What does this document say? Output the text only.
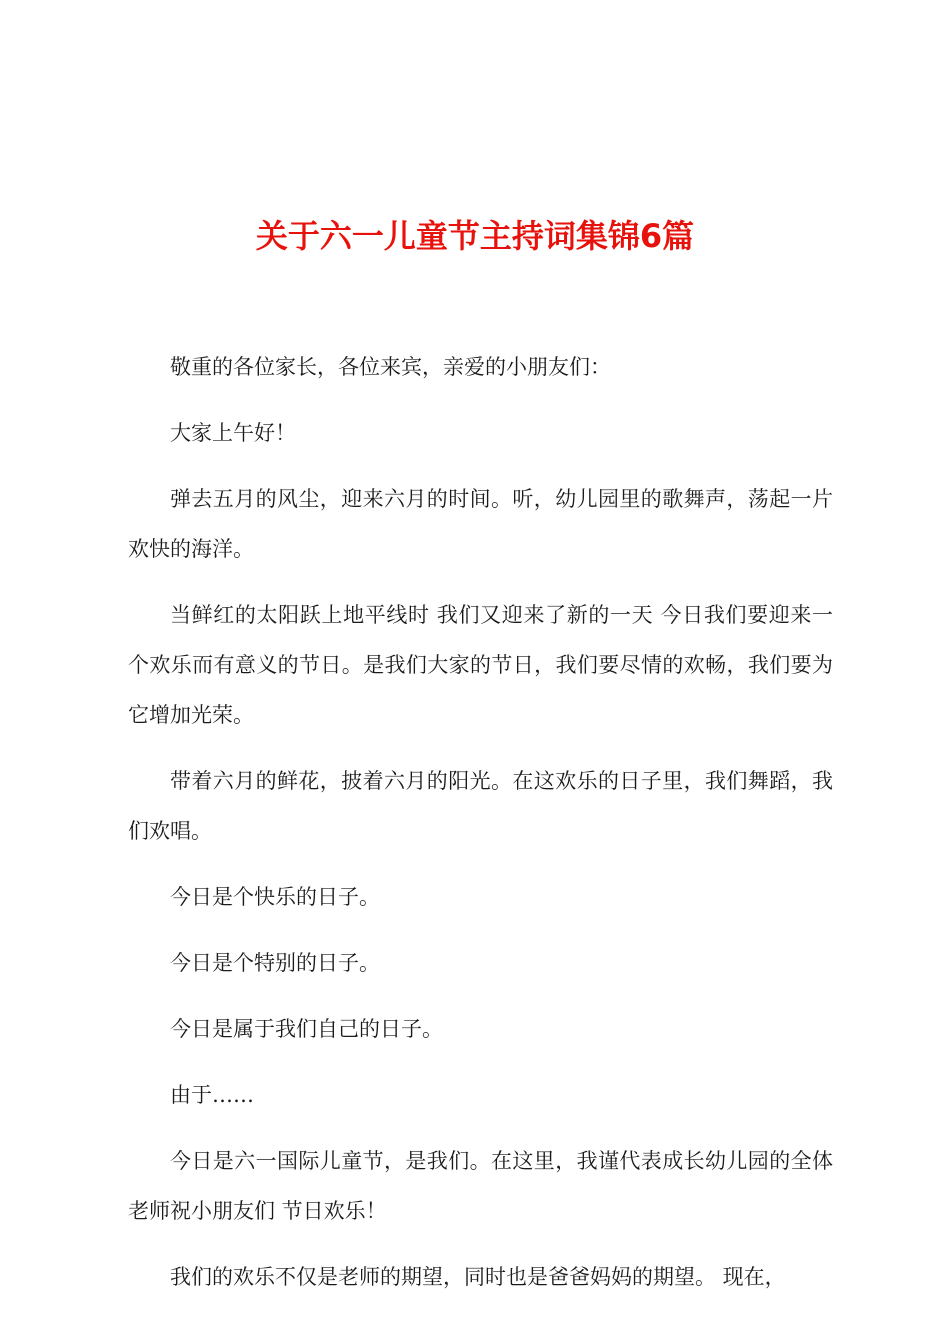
关于六一儿童节主持词集锦6篇

敬重的各位家长，各位来宾，亲爱的小朋友们：

大家上午好！

弹去五月的风尘，迎来六月的时间。听，幼儿园里的歌舞声，荡起一片欢快的海洋。

当鲜红的太阳跃上地平线时 我们又迎来了新的一天 今日我们要迎来一个欢乐而有意义的节日。是我们大家的节日，我们要尽情的欢畅，我们要为它增加光荣。

带着六月的鲜花，披着六月的阳光。在这欢乐的日子里，我们舞蹈，我们欢唱。

今日是个快乐的日子。

今日是个特别的日子。

今日是属于我们自己的日子。

由于……

今日是六一国际儿童节，是我们。在这里，我谨代表成长幼儿园的全体老师祝小朋友们 节日欢乐！

我们的欢乐不仅是老师的期望，同时也是爸爸妈妈的期望。 现在，
